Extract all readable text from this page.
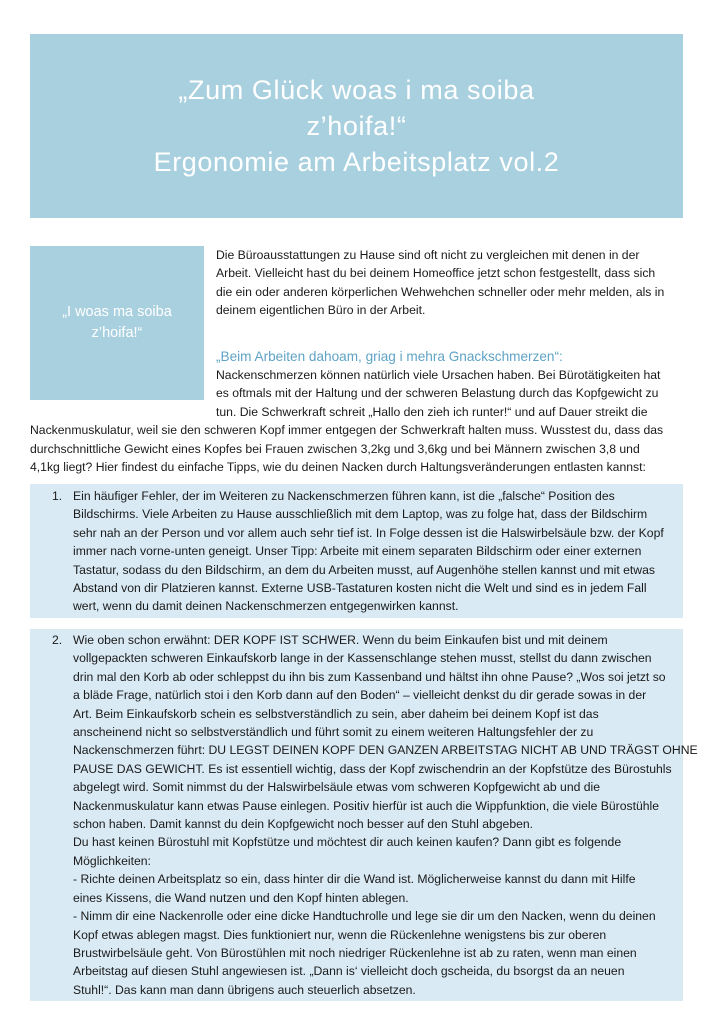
„Zum Glück woas i ma soiba
z’hoifa!“
Ergonomie am Arbeitsplatz vol.2
„I woas ma soiba
z’hoifa!“

Die Büroausstattungen zu Hause sind oft nicht zu vergleichen mit denen in der
Arbeit. Vielleicht hast du bei deinem Homeoffice jetzt schon festgestellt, dass sich
die ein oder anderen körperlichen Wehwehchen schneller oder mehr melden, als in
deinem eigentlichen Büro in der Arbeit.

„Beim Arbeiten dahoam, griag i mehra Gnackschmerzen“:

Nackenschmerzen können natürlich viele Ursachen haben. Bei Bürotätigkeiten hat
es oftmals mit der Haltung und der schweren Belastung durch das Kopfgewicht zu
tun. Die Schwerkraft schreit „Hallo den zieh ich runter!“ und auf Dauer streikt die
Nackenmuskulatur, weil sie den schweren Kopf immer entgegen der Schwerkraft halten muss. Wusstest du, dass das
durchschnittliche Gewicht eines Kopfes bei Frauen zwischen 3,2kg und 3,6kg und bei Männern zwischen 3,8 und
4,1kg liegt? Hier findest du einfache Tipps, wie du deinen Nacken durch Haltungsveränderungen entlasten kannst:

1. Ein häufiger Fehler, der im Weiteren zu Nackenschmerzen führen kann, ist die „falsche“ Position des
Bildschirms. Viele Arbeiten zu Hause ausschließlich mit dem Laptop, was zu folge hat, dass der Bildschirm
sehr nah an der Person und vor allem auch sehr tief ist. In Folge dessen ist die Halswirbelsäule bzw. der Kopf
immer nach vorne-unten geneigt. Unser Tipp: Arbeite mit einem separaten Bildschirm oder einer externen
Tastatur, sodass du den Bildschirm, an dem du Arbeiten musst, auf Augenhöhe stellen kannst und mit etwas
Abstand von dir Platzieren kannst. Externe USB-Tastaturen kosten nicht die Welt und sind es in jedem Fall
wert, wenn du damit deinen Nackenschmerzen entgegenwirken kannst.
2. Wie oben schon erwähnt: DER KOPF IST SCHWER. Wenn du beim Einkaufen bist und mit deinem
vollgepackten schweren Einkaufskorb lange in der Kassenschlange stehen musst, stellst du dann zwischen
drin mal den Korb ab oder schleppst du ihn bis zum Kassenband und hältst ihn ohne Pause? „Wos soi jetzt so
a bläde Frage, natürlich stoi i den Korb dann auf den Boden“ – vielleicht denkst du dir gerade sowas in der
Art. Beim Einkaufskorb schein es selbstverständlich zu sein, aber daheim bei deinem Kopf ist das
anscheinend nicht so selbstverständlich und führt somit zu einem weiteren Haltungsfehler der zu
Nackenschmerzen führt: DU LEGST DEINEN KOPF DEN GANZEN ARBEITSTAG NICHT AB UND TRÄGST OHNE
PAUSE DAS GEWICHT. Es ist essentiell wichtig, dass der Kopf zwischendrin an der Kopfstütze des Bürostuhls
abgelegt wird. Somit nimmst du der Halswirbelsäule etwas vom schweren Kopfgewicht ab und die
Nackenmuskulatur kann etwas Pause einlegen. Positiv hierfür ist auch die Wippfunktion, die viele Bürostühle
schon haben. Damit kannst du dein Kopfgewicht noch besser auf den Stuhl abgeben.
Du hast keinen Bürostuhl mit Kopfstütze und möchtest dir auch keinen kaufen? Dann gibt es folgende
Möglichkeiten:
- Richte deinen Arbeitsplatz so ein, dass hinter dir die Wand ist. Möglicherweise kannst du dann mit Hilfe
eines Kissens, die Wand nutzen und den Kopf hinten ablegen.
- Nimm dir eine Nackenrolle oder eine dicke Handtuchrolle und lege sie dir um den Nacken, wenn du deinen
Kopf etwas ablegen magst. Dies funktioniert nur, wenn die Rückenlehne wenigstens bis zur oberen
Brustwirbelsäule geht. Von Bürostühlen mit noch niedriger Rückenlehne ist ab zu raten, wenn man einen
Arbeitstag auf diesen Stuhl angewiesen ist. „Dann is‘ vielleicht doch gscheida, du bsorgst da an neuen
Stuhl!“. Das kann man dann übrigens auch steuerlich absetzen.
